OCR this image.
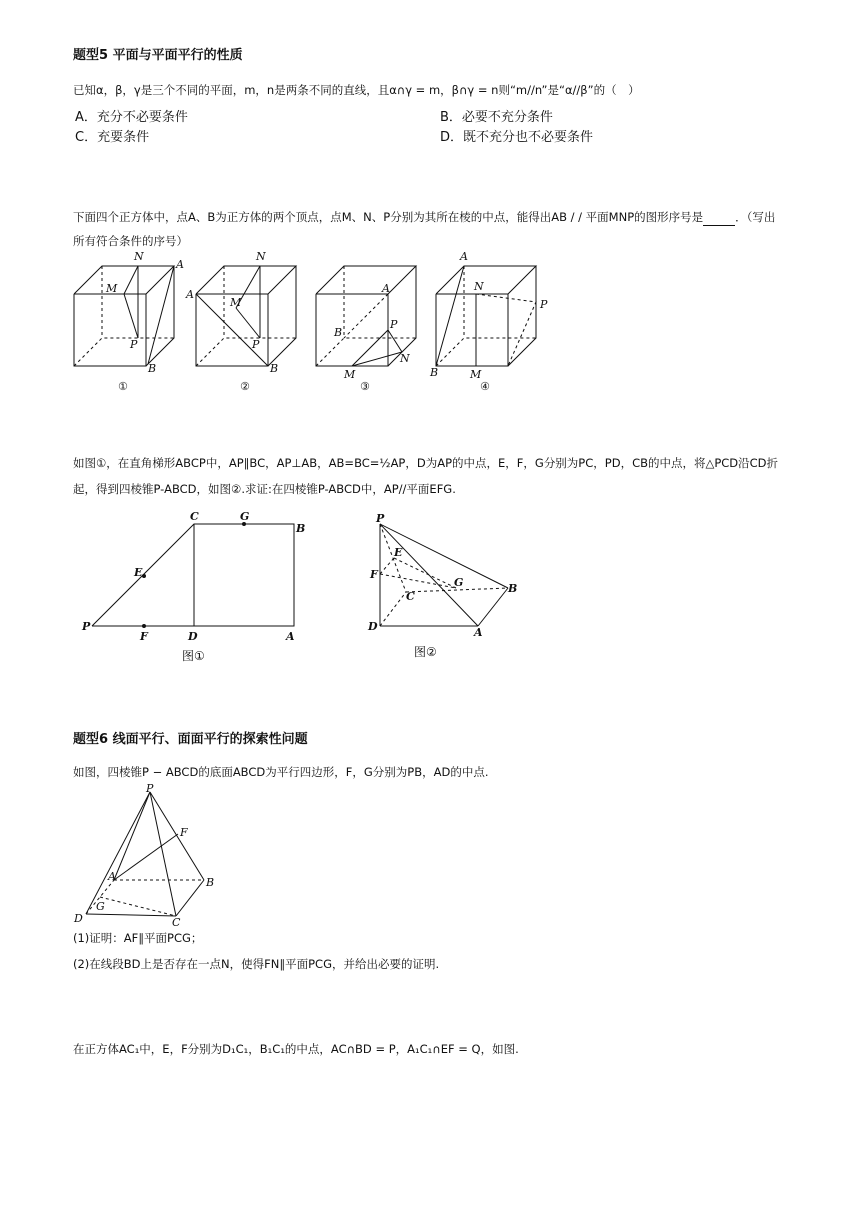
题型5 平面与平面平行的性质
已知α，β，γ是三个不同的平面，m，n是两条不同的直线，且α∩γ = m，β∩γ = n则“m//n”是“α//β”的（　）
A．充分不必要条件	B．必要不充分条件
C．充要条件	D．既不充分也不必要条件
下面四个正方体中，点A、B为正方体的两个顶点，点M、N、P分别为其所在棱的中点，能得出AB / / 平面MNP的图形序号是	．（写出
所有符合条件的序号）
N
A
M
P
B
①
N
A
M
P
B
②
A
B
P
N
M
③
A
N
P
B	M
④
如图①，在直角梯形ABCP中，AP∥BC，AP⊥AB，AB=BC=½AP，D为AP的中点，E，F，G分别为PC，PD，CB的中点，将△PCD沿CD折
起，得到四棱锥P-ABCD，如图②.求证:在四棱锥P-ABCD中，AP//平面EFG.
C	G
B
E
P
F	D	A
图①
P
E
F
G	B
C
D	A
图②
题型6 线面平行、面面平行的探索性问题
如图，四棱锥P − ABCD的底面ABCD为平行四边形，F，G分别为PB，AD的中点.
P
F
A	B
G
D	C
(1)证明：AF∥平面PCG；
(2)在线段BD上是否存在一点N，使得FN∥平面PCG，并给出必要的证明.
在正方体AC₁中，E，F分别为D₁C₁，B₁C₁的中点，AC∩BD = P，A₁C₁∩EF = Q，如图.
